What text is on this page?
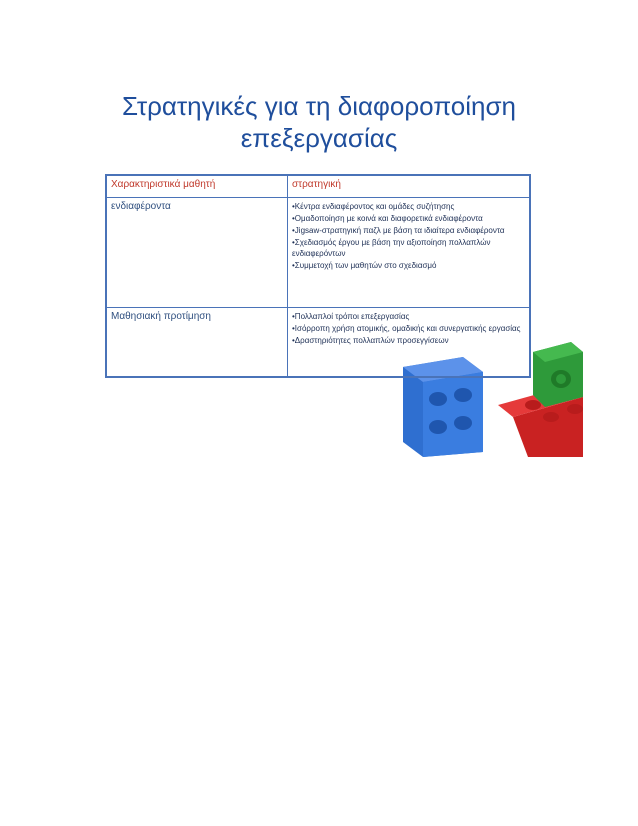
Στρατηγικές για τη διαφοροποίηση
επεξεργασίας
Χαρακτηριστικά μαθητή	στρατηγική
ενδιαφέροντα	•Κέντρα ενδιαφέροντος και ομάδες συζήτησης
•Ομαδοποίηση με κοινά και διαφορετικά ενδιαφέροντα
•Jigsaw-στρατηγική παζλ με βάση τα ιδιαίτερα ενδιαφέροντα
•Σχεδιασμός έργου με βάση την αξιοποίηση πολλαπλών ενδιαφερόντων
•Συμμετοχή των μαθητών στο σχεδιασμό

Μαθησιακή προτίμηση	•Πολλαπλοί τρόποι επεξεργασίας
•Ισόρροπη χρήση ατομικής, ομαδικής και συνεργατικής εργασίας
•Δραστηριότητες πολλαπλών προσεγγίσεων
